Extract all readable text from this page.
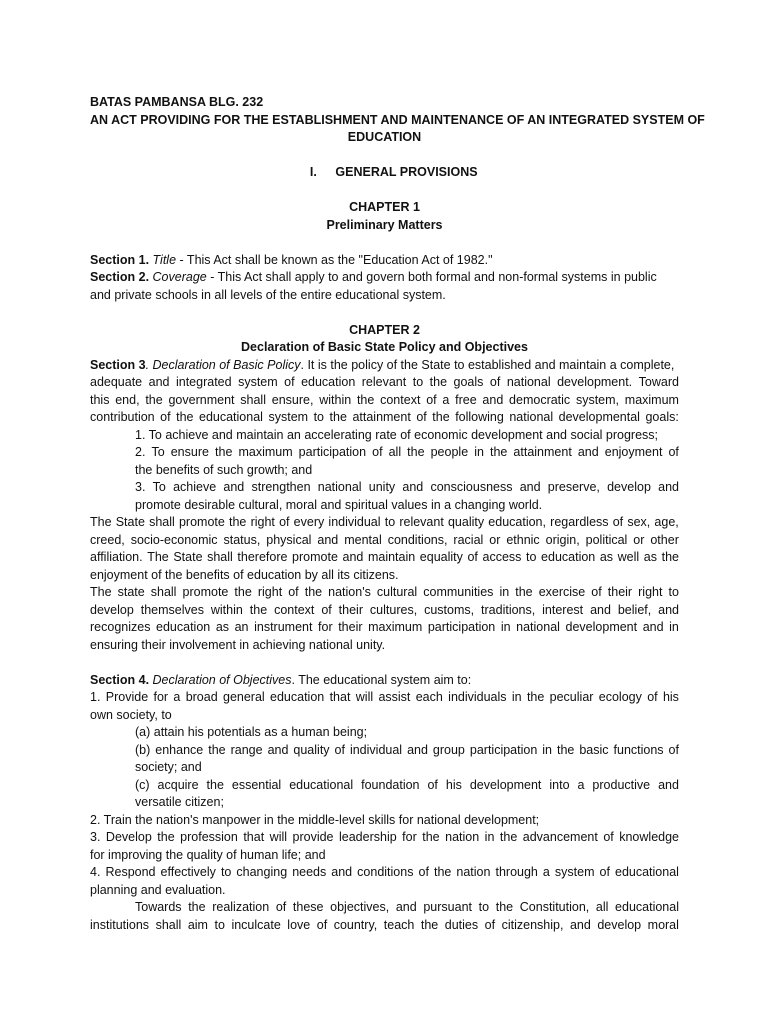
BATAS PAMBANSA BLG. 232
AN ACT PROVIDING FOR THE ESTABLISHMENT AND MAINTENANCE OF AN INTEGRATED SYSTEM OF
EDUCATION
I. GENERAL PROVISIONS
CHAPTER 1
Preliminary Matters
Section 1. Title - This Act shall be known as the "Education Act of 1982."
Section 2. Coverage - This Act shall apply to and govern both formal and non-formal systems in public
and private schools in all levels of the entire educational system.
CHAPTER 2
Declaration of Basic State Policy and Objectives
Section 3. Declaration of Basic Policy. It is the policy of the State to established and maintain a complete,
adequate and integrated system of education relevant to the goals of national development. Toward
this end, the government shall ensure, within the context of a free and democratic system, maximum
contribution of the educational system to the attainment of the following national developmental goals:
1. To achieve and maintain an accelerating rate of economic development and social progress;
2. To ensure the maximum participation of all the people in the attainment and enjoyment of
the benefits of such growth; and
3. To achieve and strengthen national unity and consciousness and preserve, develop and
promote desirable cultural, moral and spiritual values in a changing world.
The State shall promote the right of every individual to relevant quality education, regardless of sex, age,
creed, socio-economic status, physical and mental conditions, racial or ethnic origin, political or other
affiliation. The State shall therefore promote and maintain equality of access to education as well as the
enjoyment of the benefits of education by all its citizens.
The state shall promote the right of the nation's cultural communities in the exercise of their right to
develop themselves within the context of their cultures, customs, traditions, interest and belief, and
recognizes education as an instrument for their maximum participation in national development and in
ensuring their involvement in achieving national unity.
Section 4. Declaration of Objectives. The educational system aim to:
1. Provide for a broad general education that will assist each individuals in the peculiar ecology of his
own society, to
(a) attain his potentials as a human being;
(b) enhance the range and quality of individual and group participation in the basic functions of
society; and
(c) acquire the essential educational foundation of his development into a productive and
versatile citizen;
2. Train the nation's manpower in the middle-level skills for national development;
3. Develop the profession that will provide leadership for the nation in the advancement of knowledge
for improving the quality of human life; and
4. Respond effectively to changing needs and conditions of the nation through a system of educational
planning and evaluation.
Towards the realization of these objectives, and pursuant to the Constitution, all educational
institutions shall aim to inculcate love of country, teach the duties of citizenship, and develop moral
